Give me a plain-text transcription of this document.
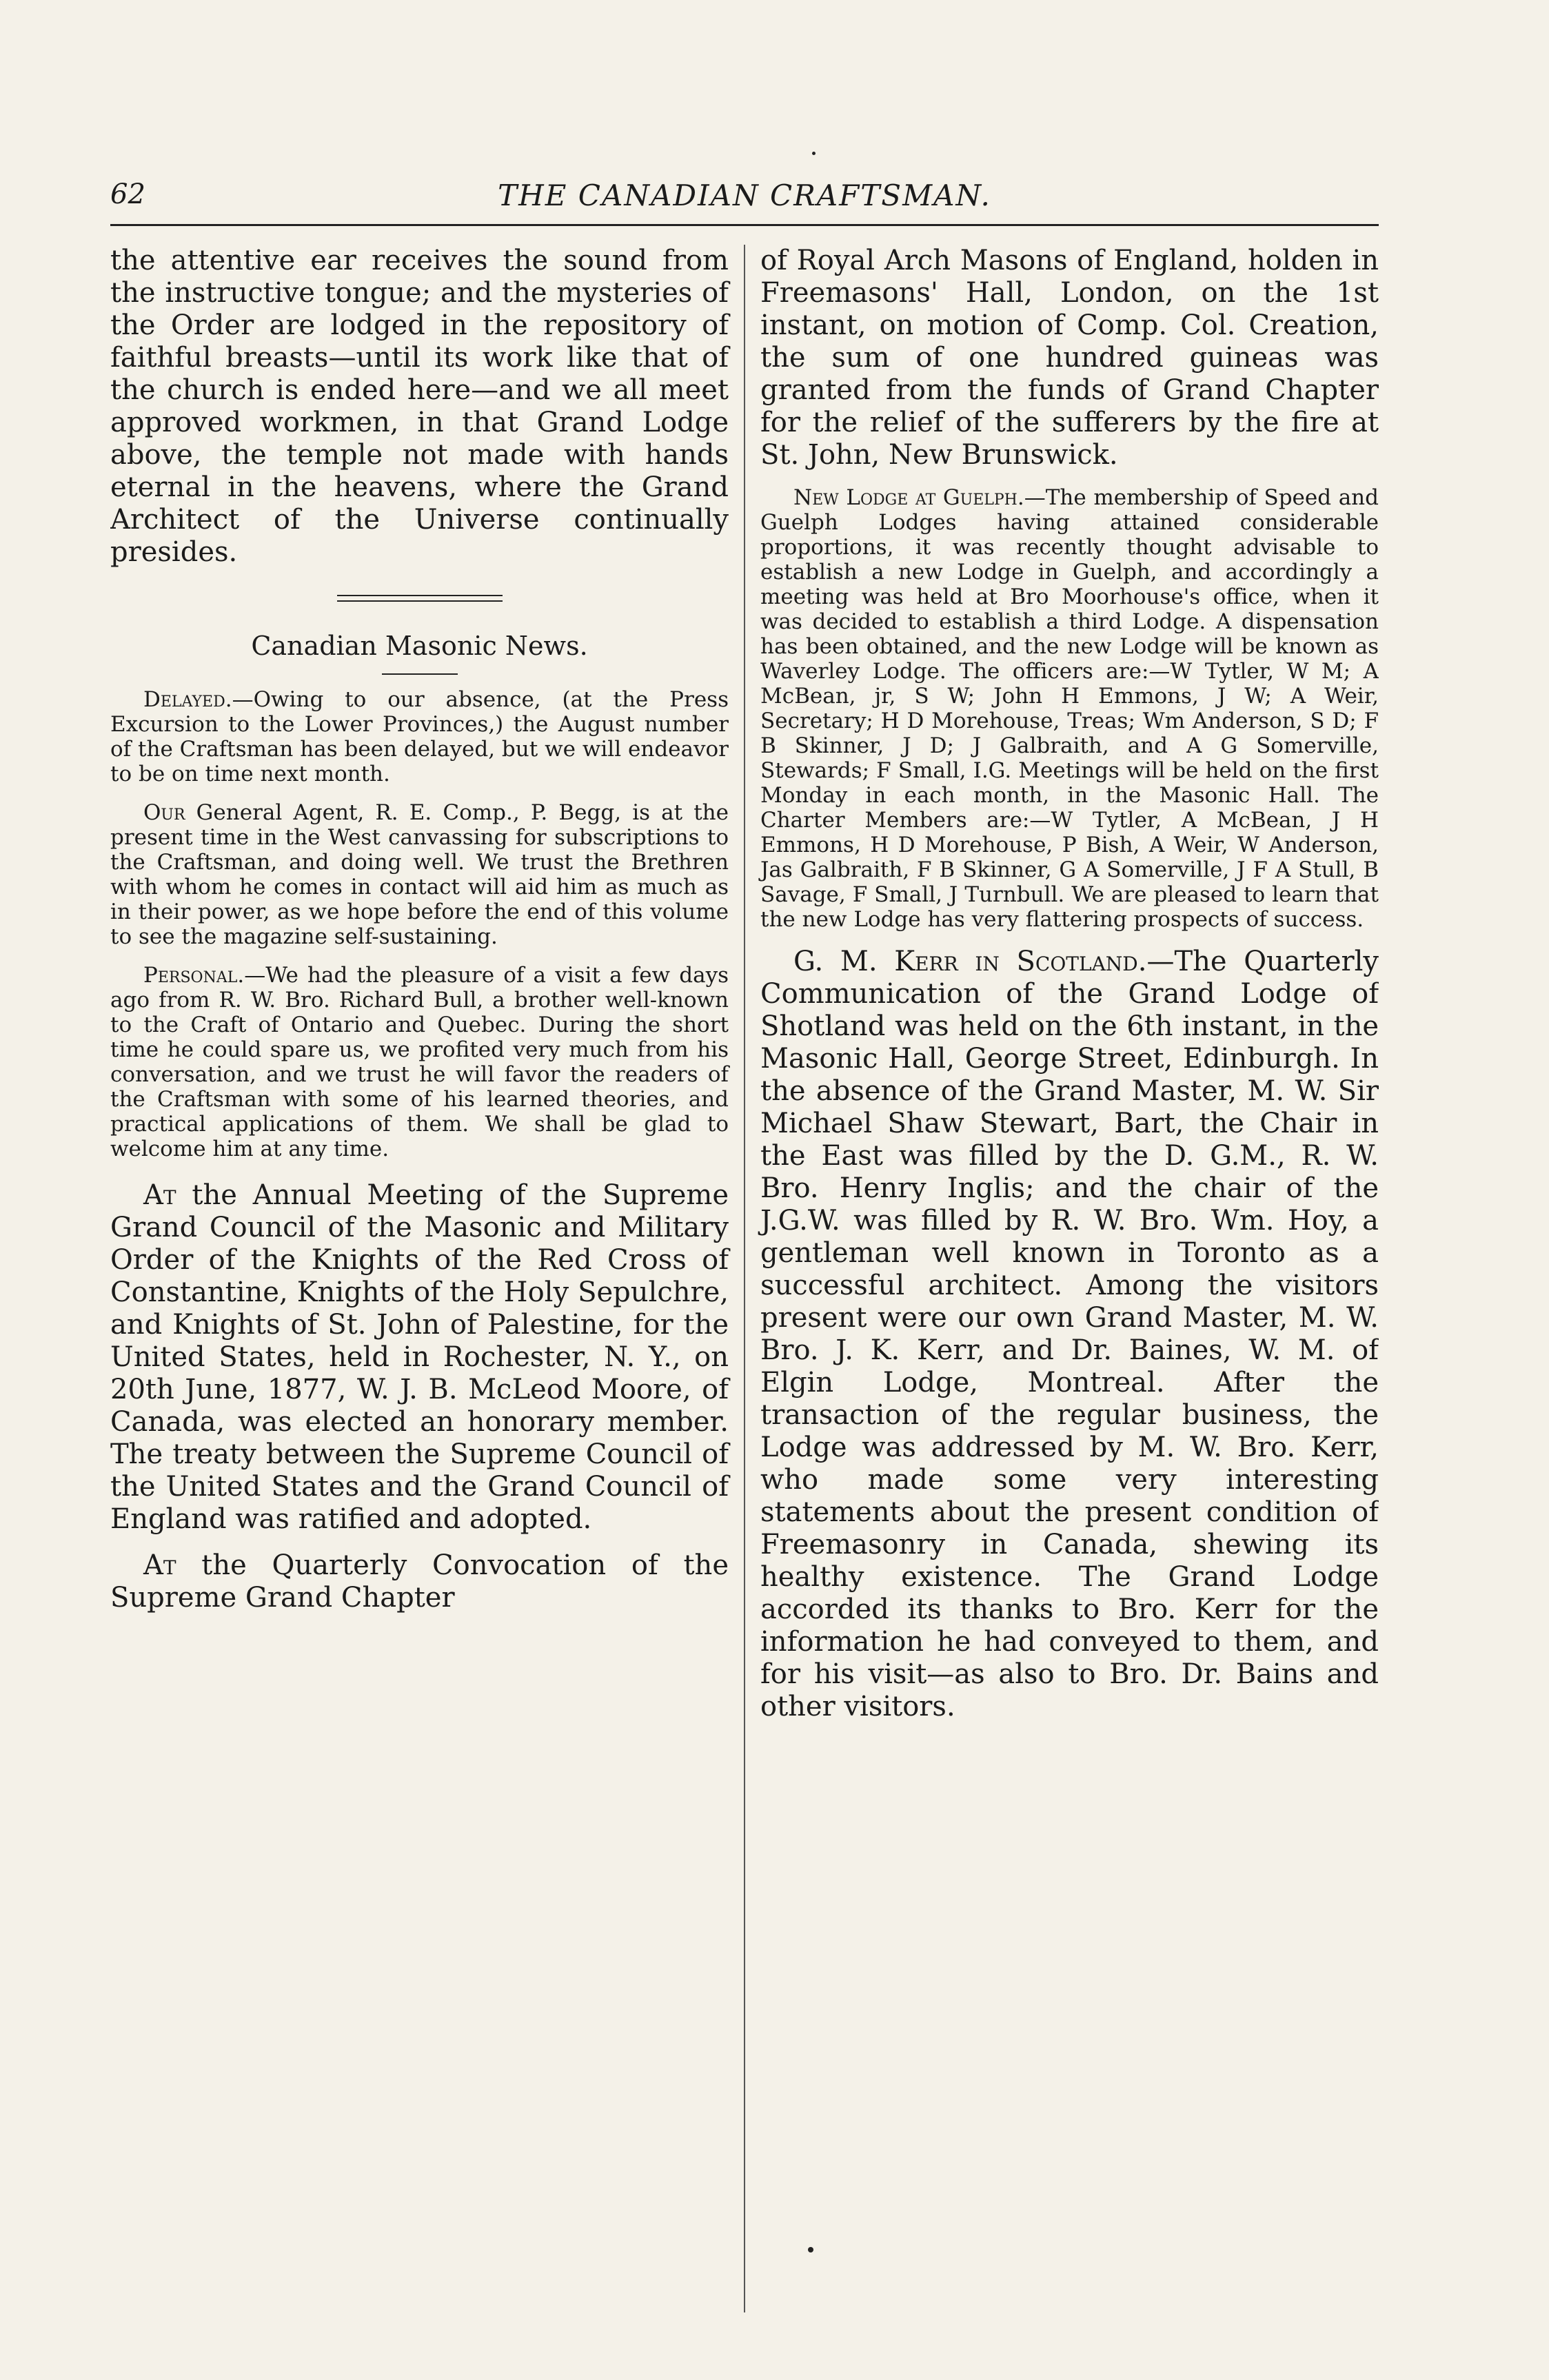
62	THE CANADIAN CRAFTSMAN.

the attentive ear receives the sound from the instructive tongue; and the mysteries of the Order are lodged in the repository of faithful breasts—until its work like that of the church is ended here—and we all meet approved workmen, in that Grand Lodge above, the temple not made with hands eternal in the heavens, where the Grand Architect of the Universe continually presides.

Canadian Masonic News.

Delayed.—Owing to our absence, (at the Press Excursion to the Lower Provinces,) the August number of the Craftsman has been delayed, but we will endeavor to be on time next month.

Our General Agent, R. E. Comp., P. Begg, is at the present time in the West canvassing for subscriptions to the Craftsman, and doing well. We trust the Brethren with whom he comes in contact will aid him as much as in their power, as we hope before the end of this volume to see the magazine self-sustaining.

Personal.—We had the pleasure of a visit a few days ago from R. W. Bro. Richard Bull, a brother well-known to the Craft of Ontario and Quebec. During the short time he could spare us, we profited very much from his conversation, and we trust he will favor the readers of the Craftsman with some of his learned theories, and practical applications of them. We shall be glad to welcome him at any time.

At the Annual Meeting of the Supreme Grand Council of the Masonic and Military Order of the Knights of the Red Cross of Constantine, Knights of the Holy Sepulchre, and Knights of St. John of Palestine, for the United States, held in Rochester, N. Y., on 20th June, 1877, W. J. B. McLeod Moore, of Canada, was elected an honorary member. The treaty between the Supreme Council of the United States and the Grand Council of England was ratified and adopted.

At the Quarterly Convocation of the Supreme Grand Chapter

of Royal Arch Masons of England, holden in Freemasons' Hall, London, on the 1st instant, on motion of Comp. Col. Creation, the sum of one hundred guineas was granted from the funds of Grand Chapter for the relief of the sufferers by the fire at St. John, New Brunswick.

New Lodge at Guelph.—The membership of Speed and Guelph Lodges having attained considerable proportions, it was recently thought advisable to establish a new Lodge in Guelph, and accordingly a meeting was held at Bro Moorhouse's office, when it was decided to establish a third Lodge. A dispensation has been obtained, and the new Lodge will be known as Waverley Lodge. The officers are:—W Tytler, W M; A McBean, jr, S W; John H Emmons, J W; A Weir, Secretary; H D Morehouse, Treas; Wm Anderson, S D; F B Skinner, J D; J Galbraith, and A G Somerville, Stewards; F Small, I.G. Meetings will be held on the first Monday in each month, in the Masonic Hall. The Charter Members are:—W Tytler, A McBean, J H Emmons, H D Morehouse, P Bish, A Weir, W Anderson, Jas Galbraith, F B Skinner, G A Somerville, J F A Stull, B Savage, F Small, J Turnbull. We are pleased to learn that the new Lodge has very flattering prospects of success.

G. M. Kerr in Scotland.—The Quarterly Communication of the Grand Lodge of Shotland was held on the 6th instant, in the Masonic Hall, George Street, Edinburgh. In the absence of the Grand Master, M. W. Sir Michael Shaw Stewart, Bart, the Chair in the East was filled by the D. G.M., R. W. Bro. Henry Inglis; and the chair of the J.G.W. was filled by R. W. Bro. Wm. Hoy, a gentleman well known in Toronto as a successful architect. Among the visitors present were our own Grand Master, M. W. Bro. J. K. Kerr, and Dr. Baines, W. M. of Elgin Lodge, Montreal. After the transaction of the regular business, the Lodge was addressed by M. W. Bro. Kerr, who made some very interesting statements about the present condition of Freemasonry in Canada, shewing its healthy existence. The Grand Lodge accorded its thanks to Bro. Kerr for the information he had conveyed to them, and for his visit—as also to Bro. Dr. Bains and other visitors.
